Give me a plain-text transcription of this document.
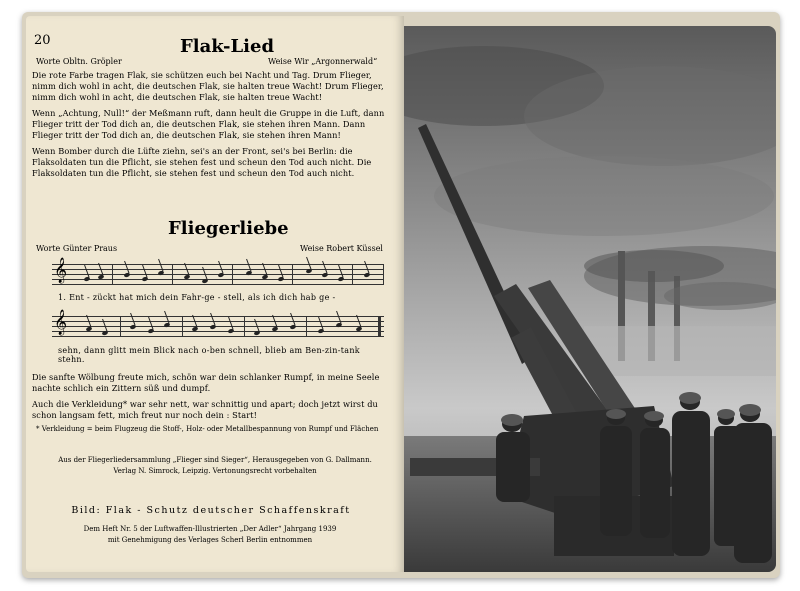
20	Flak-Lied
Worte Obltn. Gröpler	Weise Wir „Argonnerwald“

Die rote Farbe tragen Flak, sie schützen euch bei Nacht und Tag. Drum Flieger, nimm dich wohl in acht, die deutschen Flak, sie halten treue Wacht! Drum Flieger, nimm dich wohl in acht, die deutschen Flak, sie halten treue Wacht!

Wenn „Achtung, Null!“ der Meßmann ruft, dann heult die Gruppe in die Luft, dann Flieger tritt der Tod dich an, die deutschen Flak, sie stehen ihren Mann. Dann Flieger tritt der Tod dich an, die deutschen Flak, sie stehen ihren Mann!

Wenn Bomber durch die Lüfte ziehn, sei's an der Front, sei's bei Berlin: die Flaksoldaten tun die Pflicht, sie stehen fest und scheun den Tod auch nicht. Die Flaksoldaten tun die Pflicht, sie stehen fest und scheun den Tod auch nicht.

Fliegerliebe
Worte Günter Praus	Weise Robert Küssel
𝄞
1. Ent - zückt hat mich dein Fahr-ge - stell, als ich dich hab ge -
𝄞
sehn, dann glitt mein Blick nach o-ben schnell, blieb am Ben-zin-tank stehn.

Die sanfte Wölbung freute mich, schön war dein schlanker Rumpf, in meine Seele nachte schlich ein Zittern süß und dumpf.

Auch die Verkleidung* war sehr nett, war schnittig und apart; doch jetzt wirst du schon langsam fett, mich freut nur noch dein : Start!

* Verkleidung = beim Flugzeug die Stoff-, Holz- oder Metallbespannung von Rumpf und Flächen
Aus der Fliegerliedersammlung „Flieger sind Sieger“, Herausgegeben von G. Dallmann.
Verlag N. Simrock, Leipzig. Vertonungsrecht vorbehalten
Bild: Flak - Schutz deutscher Schaffenskraft
Dem Heft Nr. 5 der Luftwaffen-Illustrierten „Der Adler“ Jahrgang 1939
mit Genehmigung des Verlages Scherl Berlin entnommen
